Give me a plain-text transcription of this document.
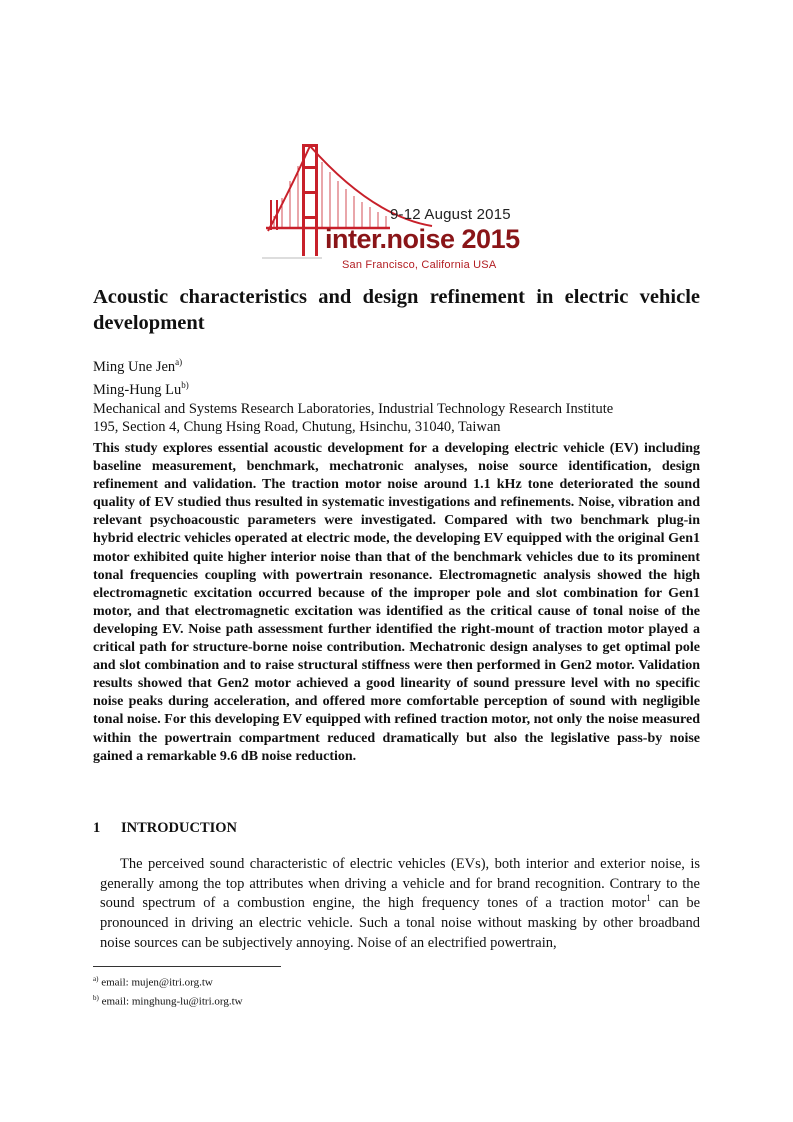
9-12 August 2015
inter.noise 2015
San Francisco, California USA
Acoustic characteristics and design refinement in electric vehicle development
Ming Une Jen$^{a)}$
Ming-Hung Lu$^{b)}$
Mechanical and Systems Research Laboratories, Industrial Technology Research Institute
195, Section 4, Chung Hsing Road, Chutung, Hsinchu, 31040, Taiwan

This study explores essential acoustic development for a developing electric vehicle (EV) including baseline measurement, benchmark, mechatronic analyses, noise source identification, design refinement and validation. The traction motor noise around 1.1 kHz tone deteriorated the sound quality of EV studied thus resulted in systematic investigations and refinements. Noise, vibration and relevant psychoacoustic parameters were investigated. Compared with two benchmark plug-in hybrid electric vehicles operated at electric mode, the developing EV equipped with the original Gen1 motor exhibited quite higher interior noise than that of the benchmark vehicles due to its prominent tonal frequencies coupling with powertrain resonance. Electromagnetic analysis showed the high electromagnetic excitation occurred because of the improper pole and slot combination for Gen1 motor, and that electromagnetic excitation was identified as the critical cause of tonal noise of the developing EV. Noise path assessment further identified the right-mount of traction motor played a critical path for structure-borne noise contribution. Mechatronic design analyses to get optimal pole and slot combination and to raise structural stiffness were then performed in Gen2 motor. Validation results showed that Gen2 motor achieved a good linearity of sound pressure level with no specific noise peaks during acceleration, and offered more comfortable perception of sound with negligible tonal noise. For this developing EV equipped with refined traction motor, not only the noise measured within the powertrain compartment reduced dramatically but also the legislative pass-by noise gained a remarkable 9.6 dB noise reduction.

1 INTRODUCTION

The perceived sound characteristic of electric vehicles (EVs), both interior and exterior noise, is generally among the top attributes when driving a vehicle and for brand recognition. Contrary to the sound spectrum of a combustion engine, the high frequency tones of a traction motor$^1$ can be pronounced in driving an electric vehicle. Such a tonal noise without masking by other broadband noise sources can be subjectively annoying. Noise of an electrified powertrain,

$^{a)}$ email: mujen@itri.org.tw
$^{b)}$ email: minghung-lu@itri.org.tw
